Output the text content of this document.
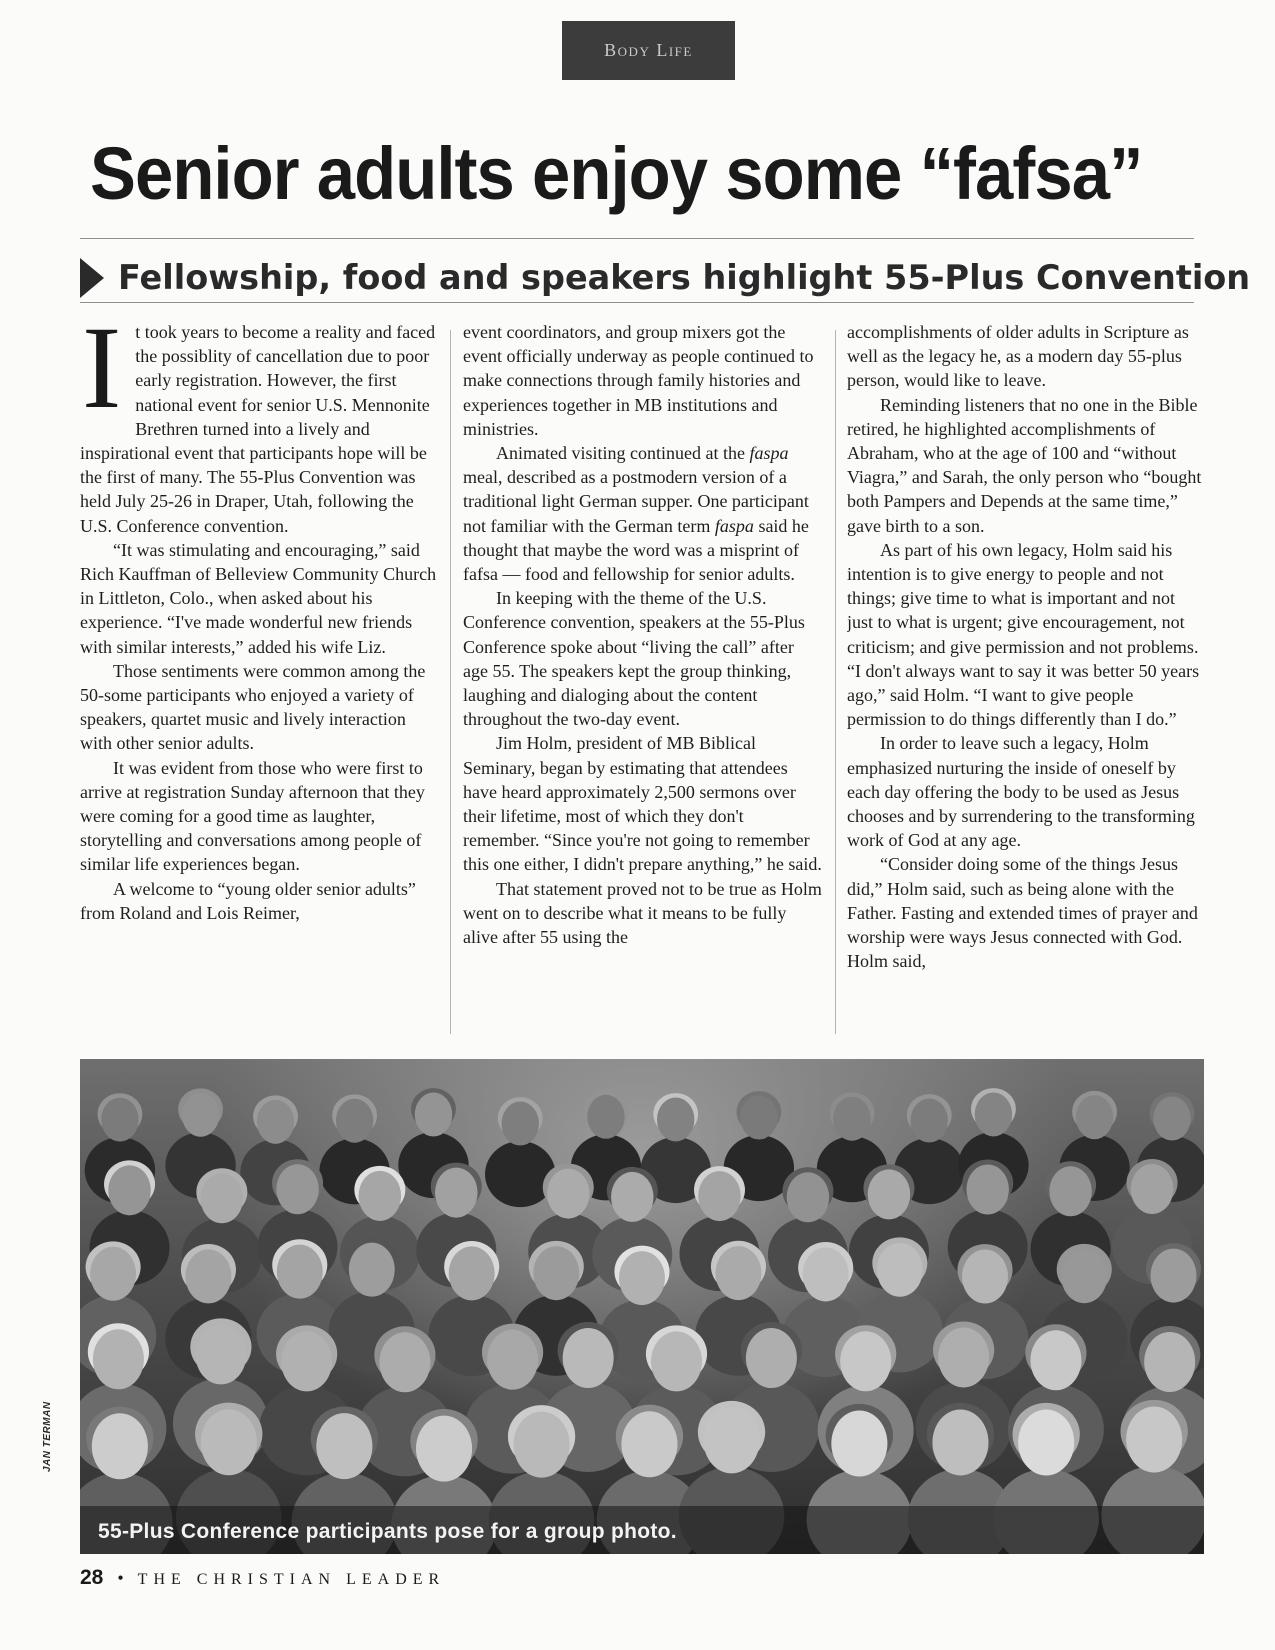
Body Life
Senior adults enjoy some “fafsa”
Fellowship, food and speakers highlight 55-Plus Convention

It took years to become a reality and faced the possiblity of cancellation due to poor early registration. However, the first national event for senior U.S. Mennonite Brethren turned into a lively and inspirational event that participants hope will be the first of many. The 55-Plus Convention was held July 25-26 in Draper, Utah, following the U.S. Conference convention.

“It was stimulating and encouraging,” said Rich Kauffman of Belleview Community Church in Littleton, Colo., when asked about his experience. “I've made wonderful new friends with similar interests,” added his wife Liz.

Those sentiments were common among the 50-some participants who enjoyed a variety of speakers, quartet music and lively interaction with other senior adults.

It was evident from those who were first to arrive at registration Sunday afternoon that they were coming for a good time as laughter, storytelling and conversations among people of similar life experiences began.

A welcome to “young older senior adults” from Roland and Lois Reimer,

event coordinators, and group mixers got the event officially underway as people continued to make connections through family histories and experiences together in MB institutions and ministries.

Animated visiting continued at the faspa meal, described as a postmodern version of a traditional light German supper. One participant not familiar with the German term faspa said he thought that maybe the word was a misprint of fafsa — food and fellowship for senior adults.

In keeping with the theme of the U.S. Conference convention, speakers at the 55-Plus Conference spoke about “living the call” after age 55. The speakers kept the group thinking, laughing and dialoging about the content throughout the two-day event.

Jim Holm, president of MB Biblical Seminary, began by estimating that attendees have heard approximately 2,500 sermons over their lifetime, most of which they don't remember. “Since you're not going to remember this one either, I didn't prepare anything,” he said.

That statement proved not to be true as Holm went on to describe what it means to be fully alive after 55 using the

accomplishments of older adults in Scripture as well as the legacy he, as a modern day 55-plus person, would like to leave.

Reminding listeners that no one in the Bible retired, he highlighted accomplishments of Abraham, who at the age of 100 and “without Viagra,” and Sarah, the only person who “bought both Pampers and Depends at the same time,” gave birth to a son.

As part of his own legacy, Holm said his intention is to give energy to people and not things; give time to what is important and not just to what is urgent; give encouragement, not criticism; and give permission and not problems. “I don't always want to say it was better 50 years ago,” said Holm. “I want to give people permission to do things differently than I do.”

In order to leave such a legacy, Holm emphasized nurturing the inside of oneself by each day offering the body to be used as Jesus chooses and by surrendering to the transforming work of God at any age.

“Consider doing some of the things Jesus did,” Holm said, such as being alone with the Father. Fasting and extended times of prayer and worship were ways Jesus connected with God. Holm said,

55-Plus Conference participants pose for a group photo.
JAN TERMAN
28 • THE CHRISTIAN LEADER
